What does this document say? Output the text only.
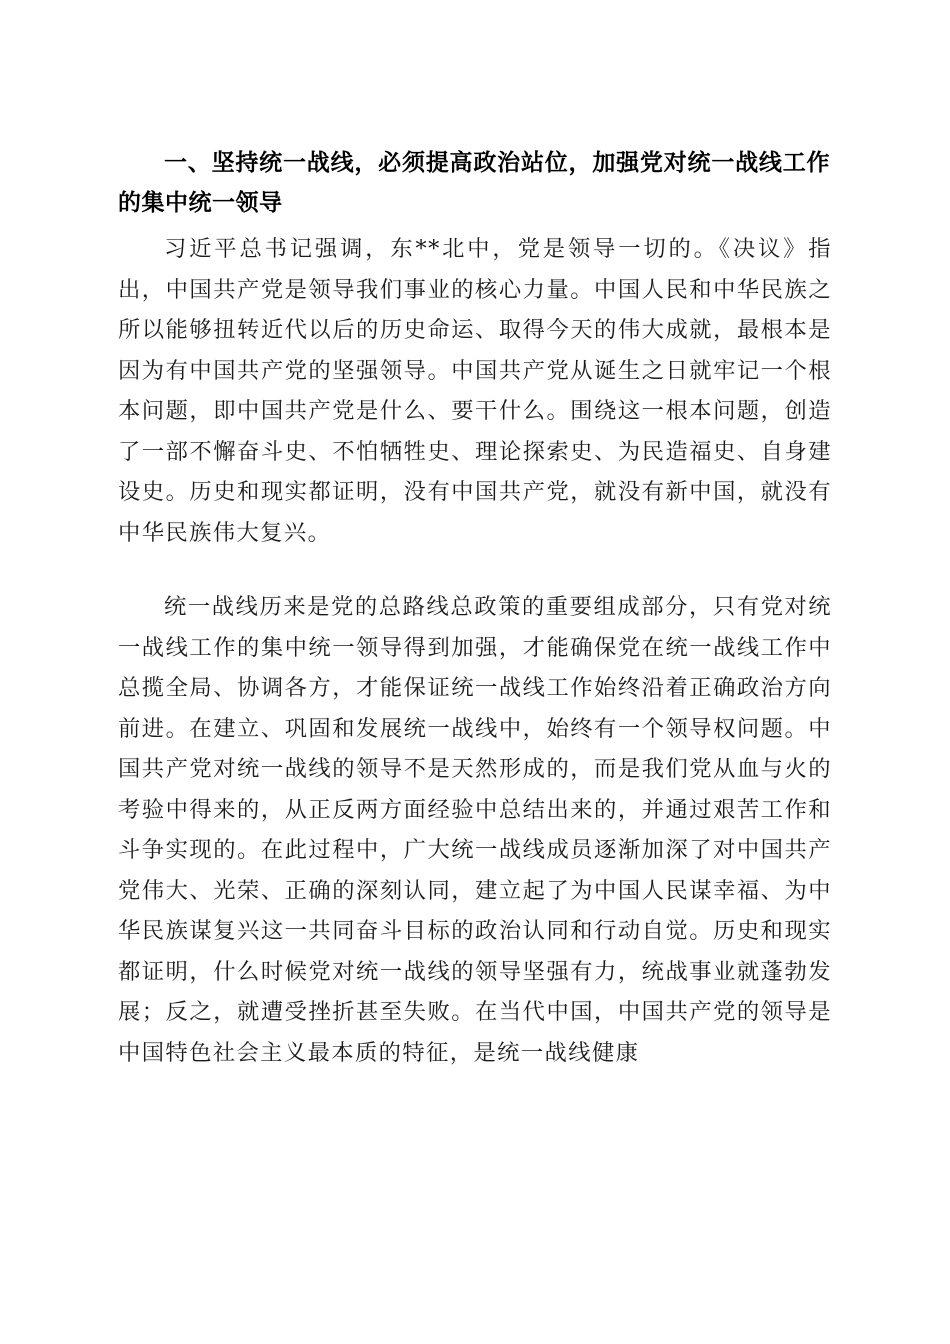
一、坚持统一战线，必须提高政治站位，加强党对统一战线工作的集中统一领导

习近平总书记强调，东**北中，党是领导一切的。《决议》指出，中国共产党是领导我们事业的核心力量。中国人民和中华民族之所以能够扭转近代以后的历史命运、取得今天的伟大成就，最根本是因为有中国共产党的坚强领导。中国共产党从诞生之日就牢记一个根本问题，即中国共产党是什么、要干什么。围绕这一根本问题，创造了一部不懈奋斗史、不怕牺牲史、理论探索史、为民造福史、自身建设史。历史和现实都证明，没有中国共产党，就没有新中国，就没有中华民族伟大复兴。

统一战线历来是党的总路线总政策的重要组成部分，只有党对统一战线工作的集中统一领导得到加强，才能确保党在统一战线工作中总揽全局、协调各方，才能保证统一战线工作始终沿着正确政治方向前进。在建立、巩固和发展统一战线中，始终有一个领导权问题。中国共产党对统一战线的领导不是天然形成的，而是我们党从血与火的考验中得来的，从正反两方面经验中总结出来的，并通过艰苦工作和斗争实现的。在此过程中，广大统一战线成员逐渐加深了对中国共产党伟大、光荣、正确的深刻认同，建立起了为中国人民谋幸福、为中华民族谋复兴这一共同奋斗目标的政治认同和行动自觉。历史和现实都证明，什么时候党对统一战线的领导坚强有力，统战事业就蓬勃发展；反之，就遭受挫折甚至失败。在当代中国，中国共产党的领导是中国特色社会主义最本质的特征，是统一战线健康
